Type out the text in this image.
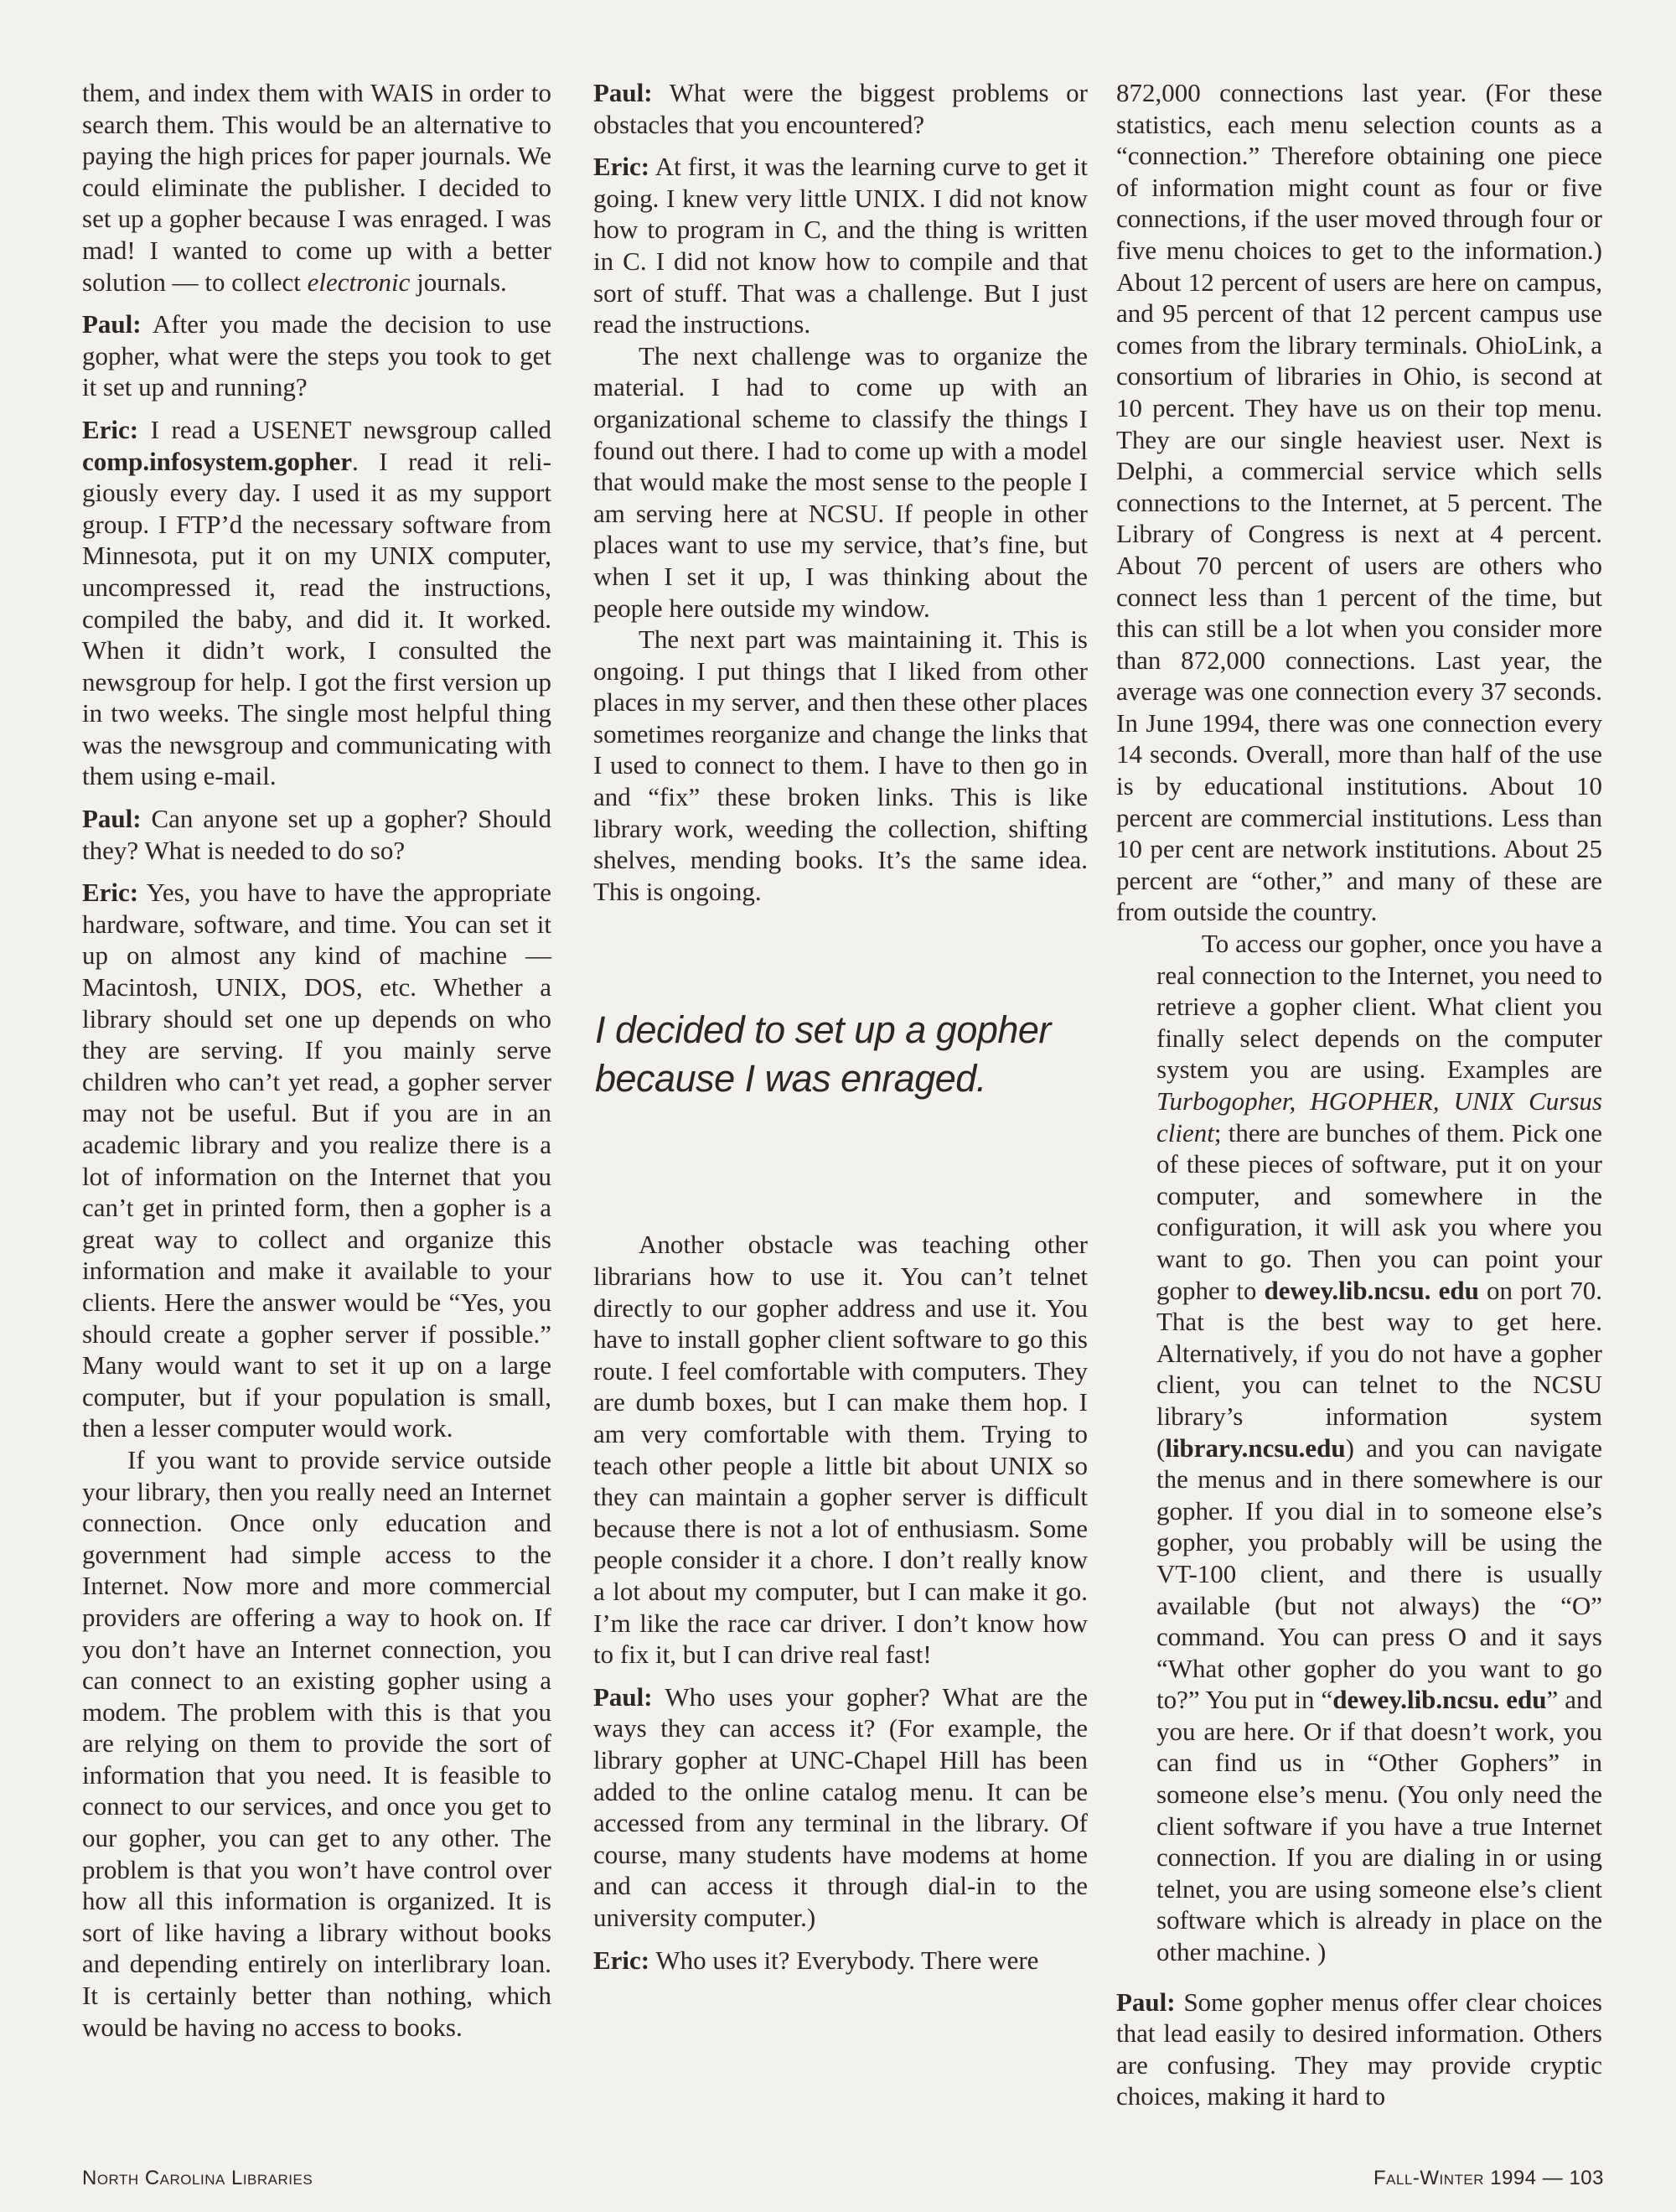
them, and index them with WAIS in order to search them. This would be an alternative to paying the high prices for paper journals. We could eliminate the publisher. I decided to set up a gopher because I was enraged. I was mad! I wanted to come up with a better solution — to collect electronic journals.

Paul: After you made the decision to use gopher, what were the steps you took to get it set up and running?

Eric: I read a USENET newsgroup called comp.infosystem.gopher. I read it religiously every day. I used it as my support group. I FTP’d the necessary software from Minnesota, put it on my UNIX computer, uncompressed it, read the instructions, compiled the baby, and did it. It worked. When it didn’t work, I consulted the newsgroup for help. I got the first version up in two weeks. The single most helpful thing was the newsgroup and communicating with them using e-mail.

Paul: Can anyone set up a gopher? Should they? What is needed to do so?

Eric: Yes, you have to have the appropriate hardware, software, and time. You can set it up on almost any kind of machine — Macintosh, UNIX, DOS, etc. Whether a library should set one up depends on who they are serving. If you mainly serve children who can’t yet read, a gopher server may not be useful. But if you are in an academic library and you realize there is a lot of information on the Internet that you can’t get in printed form, then a gopher is a great way to collect and organize this information and make it available to your clients. Here the answer would be “Yes, you should create a gopher server if possible.” Many would want to set it up on a large computer, but if your population is small, then a lesser computer would work.

If you want to provide service outside your library, then you really need an Internet connection. Once only education and government had simple access to the Internet. Now more and more commercial providers are offering a way to hook on. If you don’t have an Internet connection, you can connect to an existing gopher using a modem. The problem with this is that you are relying on them to provide the sort of information that you need. It is feasible to connect to our services, and once you get to our gopher, you can get to any other. The problem is that you won’t have control over how all this information is organized. It is sort of like having a library without books and depending entirely on interlibrary loan. It is certainly better than nothing, which would be having no access to books.

Paul: What were the biggest problems or obstacles that you encountered?

Eric: At first, it was the learning curve to get it going. I knew very little UNIX. I did not know how to program in C, and the thing is written in C. I did not know how to compile and that sort of stuff. That was a challenge. But I just read the instructions.

The next challenge was to organize the material. I had to come up with an organizational scheme to classify the things I found out there. I had to come up with a model that would make the most sense to the people I am serving here at NCSU. If people in other places want to use my service, that’s fine, but when I set it up, I was thinking about the people here outside my window.

The next part was maintaining it. This is ongoing. I put things that I liked from other places in my server, and then these other places sometimes reorganize and change the links that I used to connect to them. I have to then go in and “fix” these broken links. This is like library work, weeding the collection, shifting shelves, mending books. It’s the same idea. This is ongoing.

I decided to set up a gopher because I was enraged.

Another obstacle was teaching other librarians how to use it. You can’t telnet directly to our gopher address and use it. You have to install gopher client software to go this route. I feel comfortable with computers. They are dumb boxes, but I can make them hop. I am very comfortable with them. Trying to teach other people a little bit about UNIX so they can maintain a gopher server is difficult because there is not a lot of enthusiasm. Some people consider it a chore. I don’t really know a lot about my computer, but I can make it go. I’m like the race car driver. I don’t know how to fix it, but I can drive real fast!

Paul: Who uses your gopher? What are the ways they can access it? (For example, the library gopher at UNC-Chapel Hill has been added to the online catalog menu. It can be accessed from any terminal in the library. Of course, many students have modems at home and can access it through dial-in to the university computer.)

Eric: Who uses it? Everybody. There were

872,000 connections last year. (For these statistics, each menu selection counts as a “connection.” Therefore obtaining one piece of information might count as four or five connections, if the user moved through four or five menu choices to get to the information.) About 12 percent of users are here on campus, and 95 percent of that 12 percent campus use comes from the library terminals. OhioLink, a consortium of libraries in Ohio, is second at 10 percent. They have us on their top menu. They are our single heaviest user. Next is Delphi, a commercial service which sells connections to the Internet, at 5 percent. The Library of Congress is next at 4 percent. About 70 percent of users are others who connect less than 1 percent of the time, but this can still be a lot when you consider more than 872,000 connections. Last year, the average was one connection every 37 seconds. In June 1994, there was one connection every 14 seconds. Overall, more than half of the use is by educational institutions. About 10 percent are commercial institutions. Less than 10 per cent are network institutions. About 25 percent are “other,” and many of these are from outside the country.

To access our gopher, once you have a real connection to the Internet, you need to retrieve a gopher client. What client you finally select depends on the computer system you are using. Examples are Turbogopher, HGOPHER, UNIX Cursus client; there are bunches of them. Pick one of these pieces of software, put it on your computer, and somewhere in the configuration, it will ask you where you want to go. Then you can point your gopher to dewey.lib.ncsu. edu on port 70. That is the best way to get here. Alternatively, if you do not have a gopher client, you can telnet to the NCSU library’s information system (library.ncsu.edu) and you can navigate the menus and in there somewhere is our gopher. If you dial in to someone else’s gopher, you probably will be using the VT-100 client, and there is usually available (but not always) the “O” command. You can press O and it says “What other gopher do you want to go to?” You put in “dewey.lib.ncsu. edu” and you are here. Or if that doesn’t work, you can find us in “Other Gophers” in someone else’s menu. (You only need the client software if you have a true Internet connection. If you are dialing in or using telnet, you are using someone else’s client software which is already in place on the other machine. )

Paul: Some gopher menus offer clear choices that lead easily to desired information. Others are confusing. They may provide cryptic choices, making it hard to

North Carolina Libraries	Fall-Winter 1994 — 103
